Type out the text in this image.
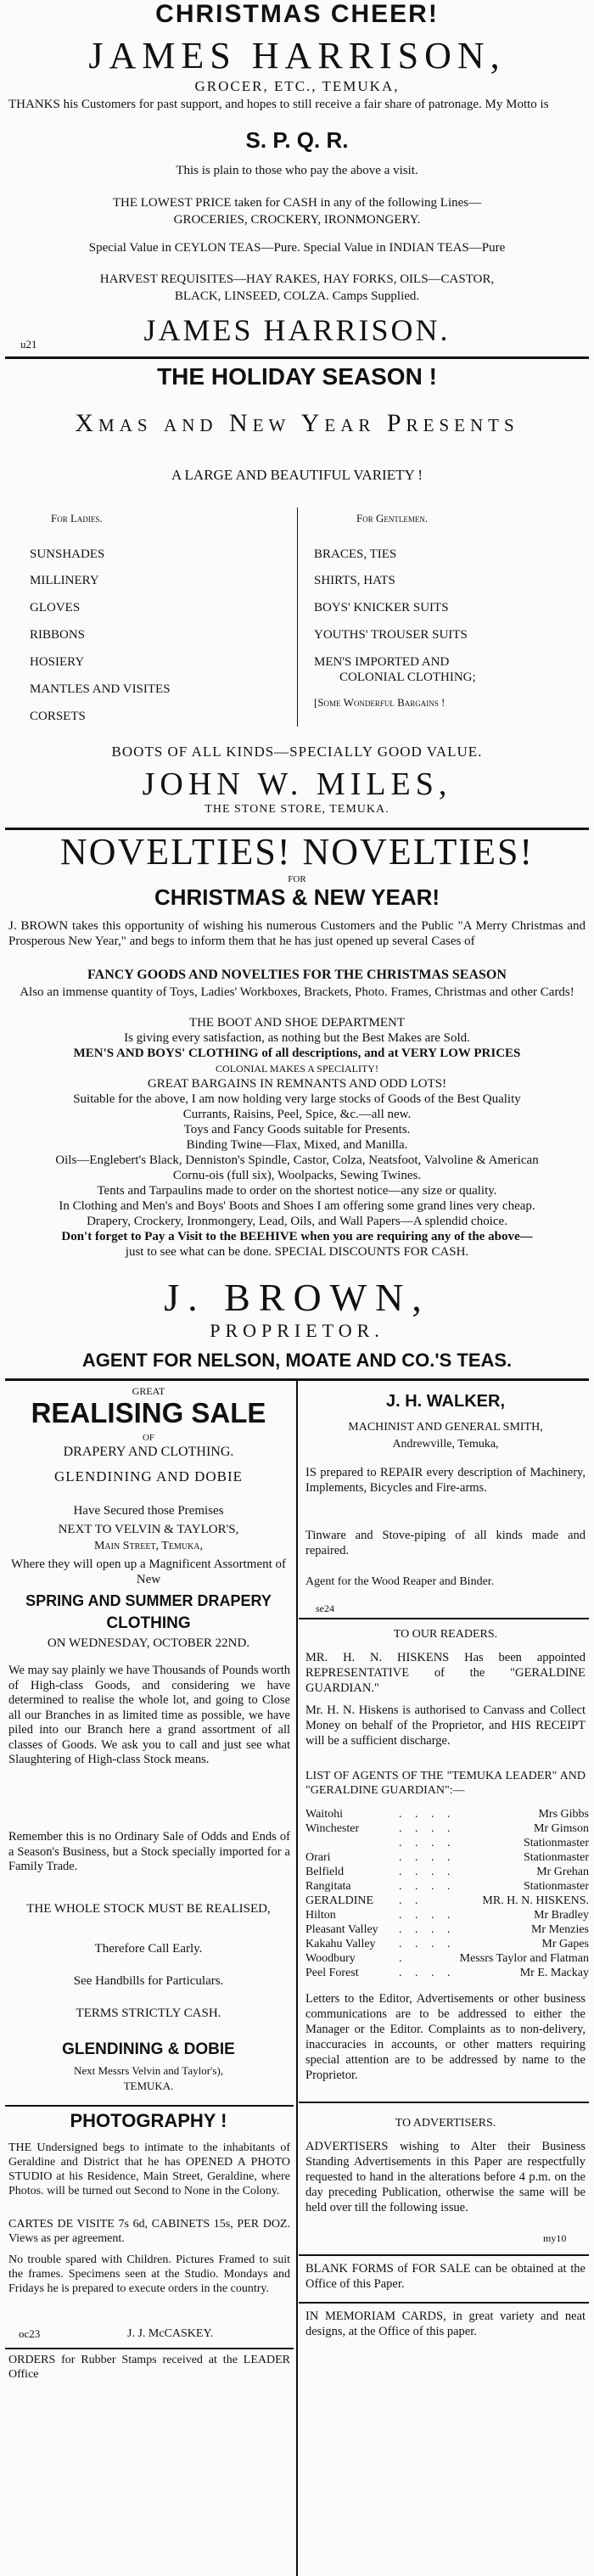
CHRISTMAS CHEER!
JAMES HARRISON,
GROCER, ETC., TEMUKA,
THANKS his Customers for past support, and hopes to still receive a fair share of patronage. My Motto is
S. P. Q. R.
This is plain to those who pay the above a visit.
THE LOWEST PRICE taken for CASH in any of the following Lines—
GROCERIES, CROCKERY, IRONMONGERY.
Special Value in CEYLON TEAS—Pure. Special Value in INDIAN TEAS—Pure
HARVEST REQUISITES—HAY RAKES, HAY FORKS, OILS—CASTOR,
BLACK, LINSEED, COLZA. Camps Supplied.
JAMES HARRISON.
u21
THE HOLIDAY SEASON !
Xmas and New Year Presents
A LARGE AND BEAUTIFUL VARIETY !
For Ladies.	For Gentlemen.
SUNSHADES
MILLINERY
GLOVES
RIBBONS
HOSIERY
MANTLES AND VISITES
CORSETS
BRACES, TIES
SHIRTS, HATS
BOYS' KNICKER SUITS
YOUTHS' TROUSER SUITS
MEN'S IMPORTED AND
COLONIAL CLOTHING;
[Some Wonderful Bargains !
BOOTS OF ALL KINDS—SPECIALLY GOOD VALUE.
JOHN W. MILES,
THE STONE STORE, TEMUKA.
NOVELTIES! NOVELTIES!
FOR
CHRISTMAS & NEW YEAR!
J. BROWN takes this opportunity of wishing his numerous Customers and the Public "A Merry Christmas and Prosperous New Year," and begs to inform them that he has just opened up several Cases of
FANCY GOODS AND NOVELTIES FOR THE CHRISTMAS SEASON
Also an immense quantity of Toys, Ladies' Workboxes, Brackets, Photo. Frames, Christmas and other Cards!
THE BOOT AND SHOE DEPARTMENT
Is giving every satisfaction, as nothing but the Best Makes are Sold.
MEN'S AND BOYS' CLOTHING of all descriptions, and at VERY LOW PRICES
COLONIAL MAKES A SPECIALITY!
GREAT BARGAINS IN REMNANTS AND ODD LOTS!
Suitable for the above, I am now holding very large stocks of Goods of the Best Quality
Currants, Raisins, Peel, Spice, &c.—all new.
Toys and Fancy Goods suitable for Presents.
Binding Twine—Flax, Mixed, and Manilla.
Oils—Englebert's Black, Denniston's Spindle, Castor, Colza, Neatsfoot, Valvoline & American
Cornu-ois (full six), Woolpacks, Sewing Twines.
Tents and Tarpaulins made to order on the shortest notice—any size or quality.
In Clothing and Men's and Boys' Boots and Shoes I am offering some grand lines very cheap.
Drapery, Crockery, Ironmongery, Lead, Oils, and Wall Papers—A splendid choice.
Don't forget to Pay a Visit to the BEEHIVE when you are requiring any of the above—
just to see what can be done. SPECIAL DISCOUNTS FOR CASH.
J. BROWN,
PROPRIETOR.
AGENT FOR NELSON, MOATE AND CO.'S TEAS.
GREAT
REALISING SALE
OF
DRAPERY AND CLOTHING.
GLENDINING AND DOBIE
Have Secured those Premises
NEXT TO VELVIN & TAYLOR'S,
Main Street, Temuka,
Where they will open up a Magnificent Assortment of New
SPRING AND SUMMER DRAPERY
CLOTHING
ON WEDNESDAY, OCTOBER 22ND.
We may say plainly we have Thousands of Pounds worth of High-class Goods, and considering we have determined to realise the whole lot, and going to Close all our Branches in as limited time as possible, we have piled into our Branch here a grand assortment of all classes of Goods. We ask you to call and just see what Slaughtering of High-class Stock means.
Remember this is no Ordinary Sale of Odds and Ends of a Season's Business, but a Stock specially imported for a Family Trade.
THE WHOLE STOCK MUST BE REALISED,
Therefore Call Early.
See Handbills for Particulars.
TERMS STRICTLY CASH.
GLENDINING & DOBIE
Next Messrs Velvin and Taylor's),
TEMUKA.
PHOTOGRAPHY !
THE Undersigned begs to intimate to the inhabitants of Geraldine and District that he has OPENED A PHOTO STUDIO at his Residence, Main Street, Geraldine, where Photos. will be turned out Second to None in the Colony.
CARTES DE VISITE 7s 6d, CABINETS 15s, PER DOZ. Views as per agreement.
No trouble spared with Children. Pictures Framed to suit the frames. Specimens seen at the Studio. Mondays and Fridays he is prepared to execute orders in the country.
oc23	J. J. McCASKEY.
ORDERS for Rubber Stamps received at the LEADER Office
J. H. WALKER,
MACHINIST AND GENERAL SMITH,
Andrewville, Temuka,
IS prepared to REPAIR every description of Machinery, Implements, Bicycles and Fire-arms.
Tinware and Stove-piping of all kinds made and repaired.
Agent for the Wood Reaper and Binder.
se24
TO OUR READERS.
MR. H. N. HISKENS Has been appointed REPRESENTATIVE of the "GERALDINE GUARDIAN."
Mr. H. N. Hiskens is authorised to Canvass and Collect Money on behalf of the Proprietor, and HIS RECEIPT will be a sufficient discharge.
LIST OF AGENTS OF THE "TEMUKA LEADER" AND "GERALDINE GUARDIAN":—
Waitohi	. . . .	Mrs Gibbs
Winchester	. . . .	Mr Gimson
. . . .	Stationmaster
Orari	. . . .	Stationmaster
Belfield	. . . .	Mr Grehan
Rangitata	. . . .	Stationmaster
GERALDINE . .	MR. H. N. HISKENS.
Hilton	. . . .	Mr Bradley
Pleasant Valley . . . .	Mr Menzies
Kakahu Valley . . . .	Mr Gapes
Woodbury	.	Messrs Taylor and Flatman
Peel Forest	. . . .	Mr E. Mackay
Letters to the Editor, Advertisements or other business communications are to be addressed to either the Manager or the Editor. Complaints as to non-delivery, inaccuracies in accounts, or other matters requiring special attention are to be addressed by name to the Proprietor.
TO ADVERTISERS.
ADVERTISERS wishing to Alter their Business Standing Advertisements in this Paper are respectfully requested to hand in the alterations before 4 p.m. on the day preceding Publication, otherwise the same will be held over till the following issue.
my10
BLANK FORMS of FOR SALE can be obtained at the Office of this Paper.
IN MEMORIAM CARDS, in great variety and neat designs, at the Office of this paper.
